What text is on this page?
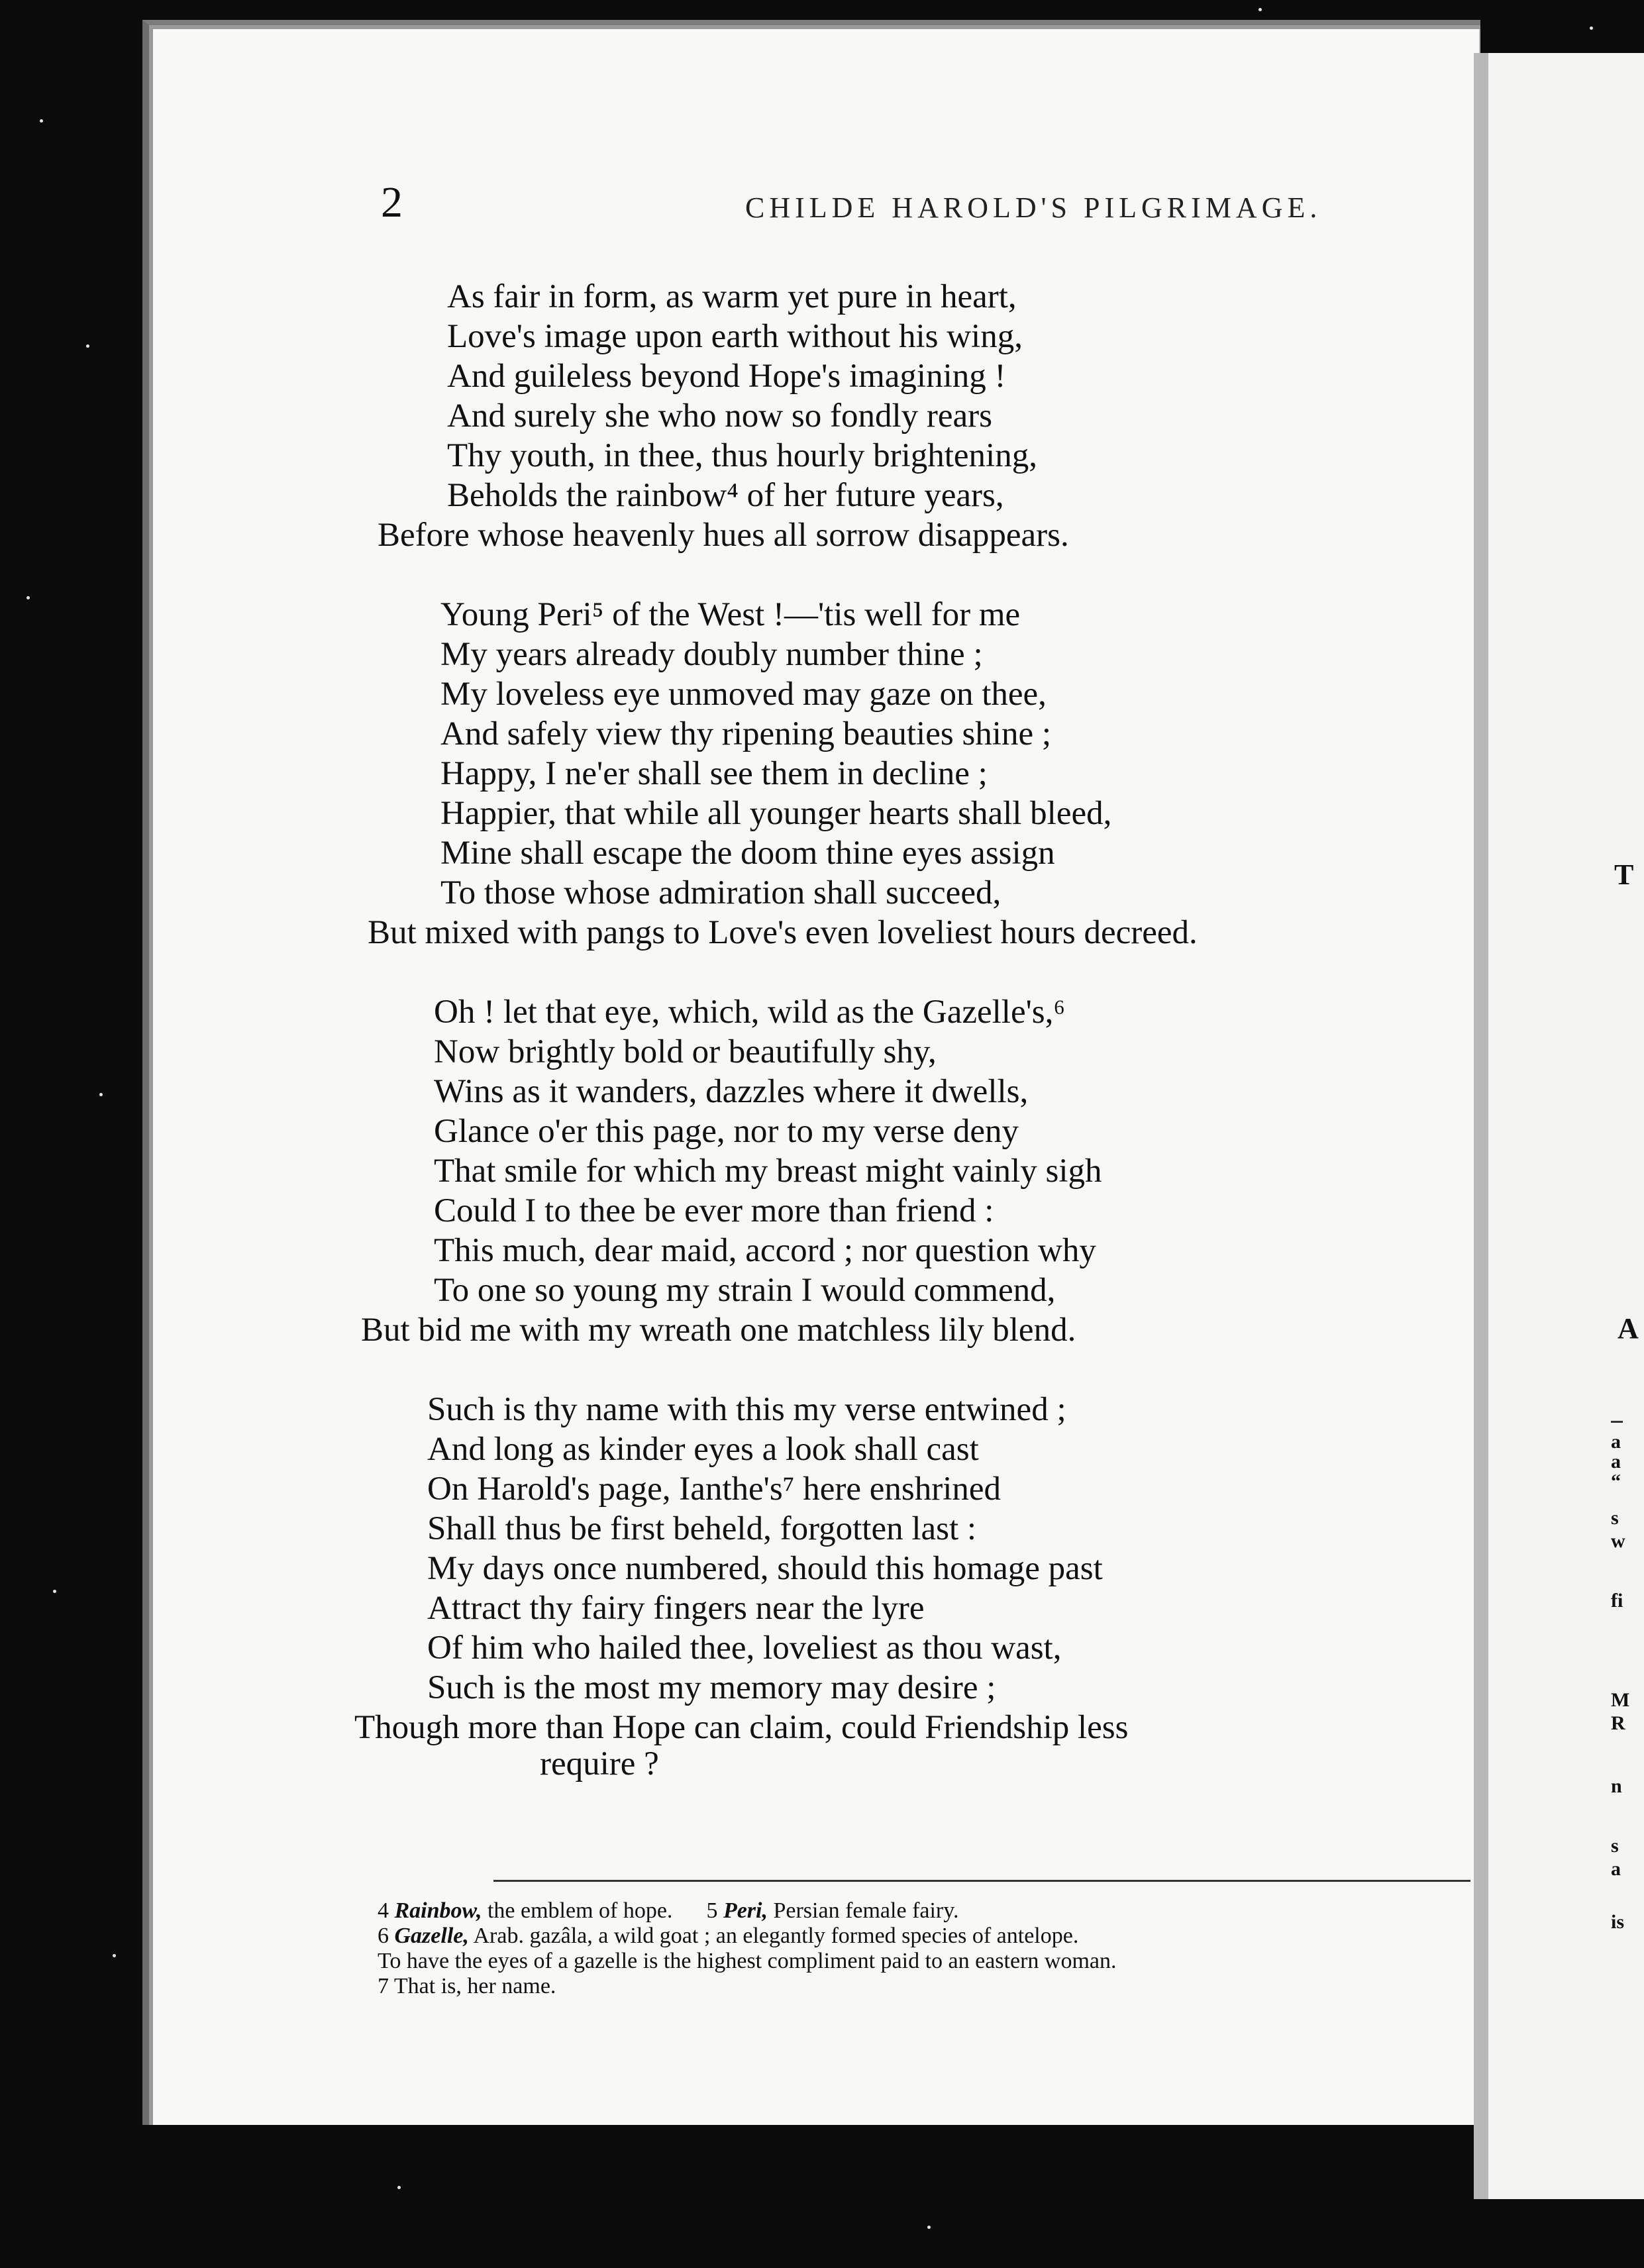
2	CHILDE HAROLD'S PILGRIMAGE.
As fair in form, as warm yet pure in heart,
Love's image upon earth without his wing,
And guileless beyond Hope's imagining !
And surely she who now so fondly rears
Thy youth, in thee, thus hourly brightening,
Beholds the rainbow⁴ of her future years,
Before whose heavenly hues all sorrow disappears.
Young Peri⁵ of the West !—'tis well for me
My years already doubly number thine ;
My loveless eye unmoved may gaze on thee,
And safely view thy ripening beauties shine ;
Happy, I ne'er shall see them in decline ;
Happier, that while all younger hearts shall bleed,
Mine shall escape the doom thine eyes assign
To those whose admiration shall succeed,
But mixed with pangs to Love's even loveliest hours decreed.
Oh ! let that eye, which, wild as the Gazelle's,⁶
Now brightly bold or beautifully shy,
Wins as it wanders, dazzles where it dwells,
Glance o'er this page, nor to my verse deny
That smile for which my breast might vainly sigh
Could I to thee be ever more than friend :
This much, dear maid, accord ; nor question why
To one so young my strain I would commend,
But bid me with my wreath one matchless lily blend.
Such is thy name with this my verse entwined ;
And long as kinder eyes a look shall cast
On Harold's page, Ianthe's⁷ here enshrined
Shall thus be first beheld, forgotten last :
My days once numbered, should this homage past
Attract thy fairy fingers near the lyre
Of him who hailed thee, loveliest as thou wast,
Such is the most my memory may desire ;
Though more than Hope can claim, could Friendship less
require ?
4 Rainbow, the emblem of hope. 5 Peri, Persian female fairy.
6 Gazelle, Arab. gazâla, a wild goat ; an elegantly formed species of antelope.
To have the eyes of a gazelle is the highest compliment paid to an eastern woman.
7 That is, her name.
T
A
a
a
“
s
w
fi
M
R
n
s
a
is
